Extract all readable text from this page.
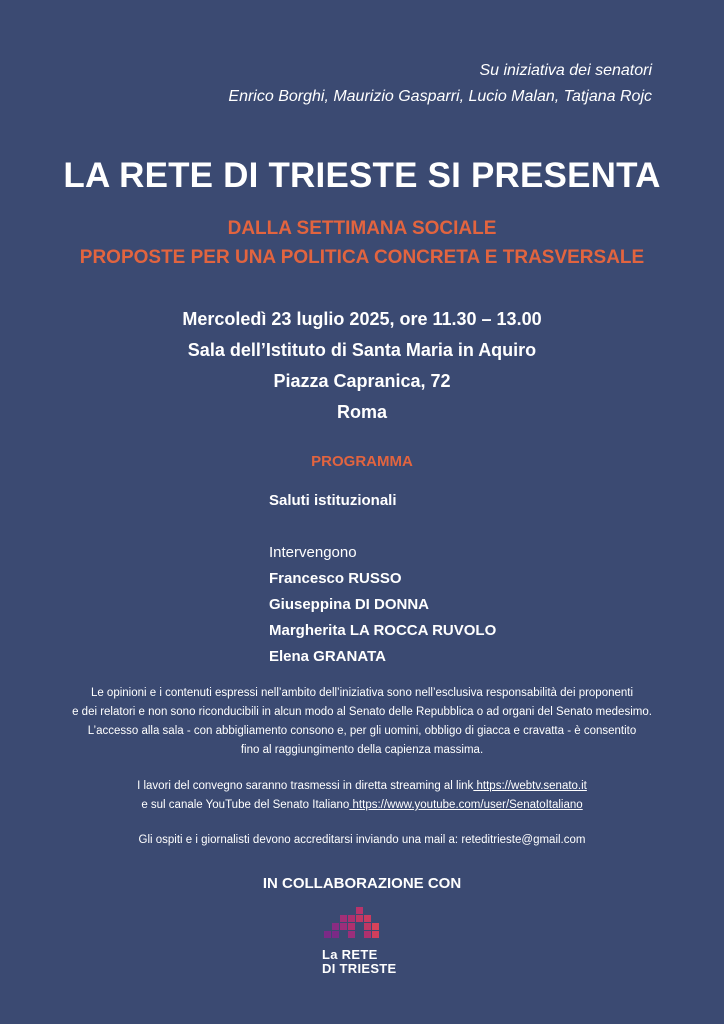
Su iniziativa dei senatori
Enrico Borghi, Maurizio Gasparri, Lucio Malan, Tatjana Rojc
LA RETE DI TRIESTE SI PRESENTA
DALLA SETTIMANA SOCIALE
PROPOSTE PER UNA POLITICA CONCRETA E TRASVERSALE
Mercoledì 23 luglio 2025, ore 11.30 – 13.00
Sala dell’Istituto di Santa Maria in Aquiro
Piazza Capranica, 72
Roma
PROGRAMMA
Saluti istituzionali
Intervengono
Francesco RUSSO
Giuseppina DI DONNA
Margherita LA ROCCA RUVOLO
Elena GRANATA
Le opinioni e i contenuti espressi nell’ambito dell’iniziativa sono nell’esclusiva responsabilità dei proponenti
e dei relatori e non sono riconducibili in alcun modo al Senato delle Repubblica o ad organi del Senato medesimo.
L’accesso alla sala - con abbigliamento consono e, per gli uomini, obbligo di giacca e cravatta - è consentito
fino al raggiungimento della capienza massima.
I lavori del convegno saranno trasmessi in diretta streaming al link https://webtv.senato.it
e sul canale YouTube del Senato Italiano https://www.youtube.com/user/SenatoItaliano
Gli ospiti e i giornalisti devono accreditarsi inviando una mail a: reteditrieste@gmail.com
IN COLLABORAZIONE CON
La RETE
DI TRIESTE
